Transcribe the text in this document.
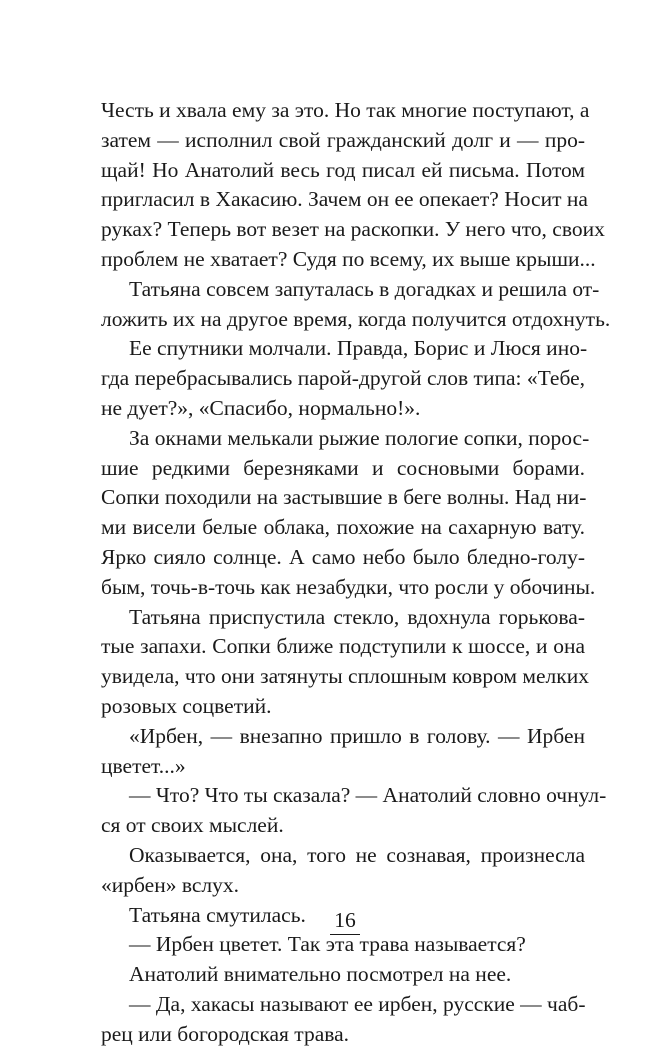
Честь и хвала ему за это. Но так многие поступают, а
затем — исполнил свой гражданский долг и — про-
щай! Но Анатолий весь год писал ей письма. Потом
пригласил в Хакасию. Зачем он ее опекает? Носит на
руках? Теперь вот везет на раскопки. У него что, своих
проблем не хватает? Судя по всему, их выше крыши...

Татьяна совсем запуталась в догадках и решила от-
ложить их на другое время, когда получится отдохнуть.

Ее спутники молчали. Правда, Борис и Люся ино-
гда перебрасывались парой-другой слов типа: «Тебе,
не дует?», «Спасибо, нормально!».

За окнами мелькали рыжие пологие сопки, порос-
шие редкими березняками и сосновыми борами.
Сопки походили на застывшие в беге волны. Над ни-
ми висели белые облака, похожие на сахарную вату.
Ярко сияло солнце. А само небо было бледно-голу-
бым, точь-в-точь как незабудки, что росли у обочины.

Татьяна приспустила стекло, вдохнула горькова-
тые запахи. Сопки ближе подступили к шоссе, и она
увидела, что они затянуты сплошным ковром мелких
розовых соцветий.

«Ирбен, — внезапно пришло в голову. — Ирбен
цветет...»

— Что? Что ты сказала? — Анатолий словно очнул-
ся от своих мыслей.

Оказывается, она, того не сознавая, произнесла
«ирбен» вслух.

Татьяна смутилась.

— Ирбен цветет. Так эта трава называется?

Анатолий внимательно посмотрел на нее.

— Да, хакасы называют ее ирбен, русские — чаб-
рец или богородская трава.

16
